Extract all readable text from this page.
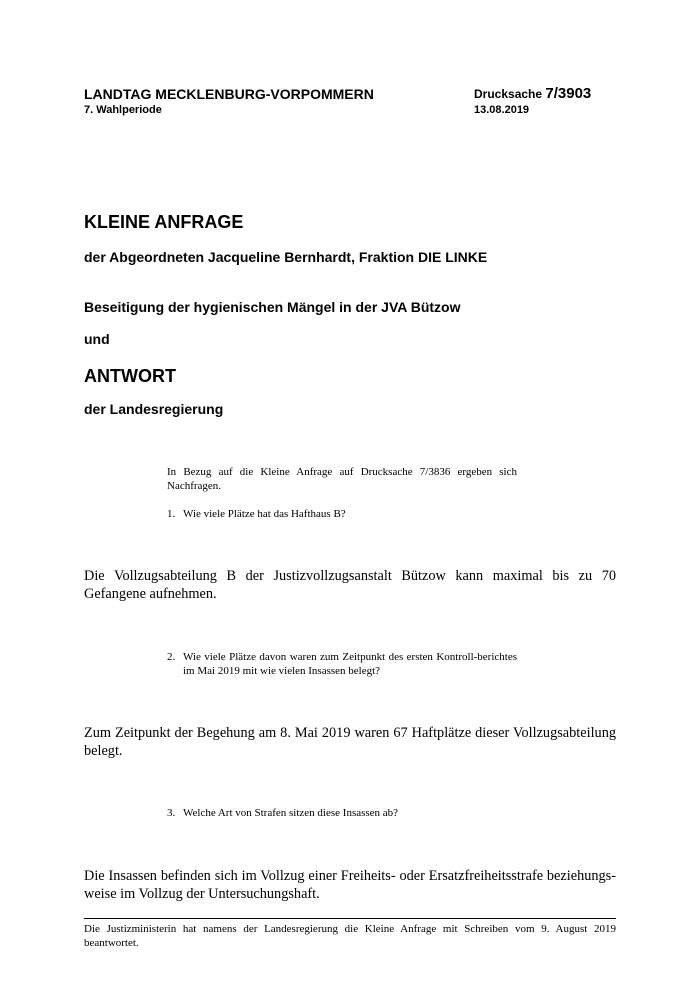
LANDTAG MECKLENBURG-VORPOMMERN
7. Wahlperiode
Drucksache 7/3903
13.08.2019
KLEINE ANFRAGE
der Abgeordneten Jacqueline Bernhardt, Fraktion DIE LINKE
Beseitigung der hygienischen Mängel in der JVA Bützow
und
ANTWORT
der Landesregierung
In Bezug auf die Kleine Anfrage auf Drucksache 7/3836 ergeben sich Nachfragen.
1. Wie viele Plätze hat das Hafthaus B?
Die Vollzugsabteilung B der Justizvollzugsanstalt Bützow kann maximal bis zu 70 Gefangene aufnehmen.
2. Wie viele Plätze davon waren zum Zeitpunkt des ersten Kontroll-berichtes im Mai 2019 mit wie vielen Insassen belegt?
Zum Zeitpunkt der Begehung am 8. Mai 2019 waren 67 Haftplätze dieser Vollzugsabteilung belegt.
3. Welche Art von Strafen sitzen diese Insassen ab?
Die Insassen befinden sich im Vollzug einer Freiheits- oder Ersatzfreiheitsstrafe beziehungs-weise im Vollzug der Untersuchungshaft.
Die Justizministerin hat namens der Landesregierung die Kleine Anfrage mit Schreiben vom 9. August 2019 beantwortet.
